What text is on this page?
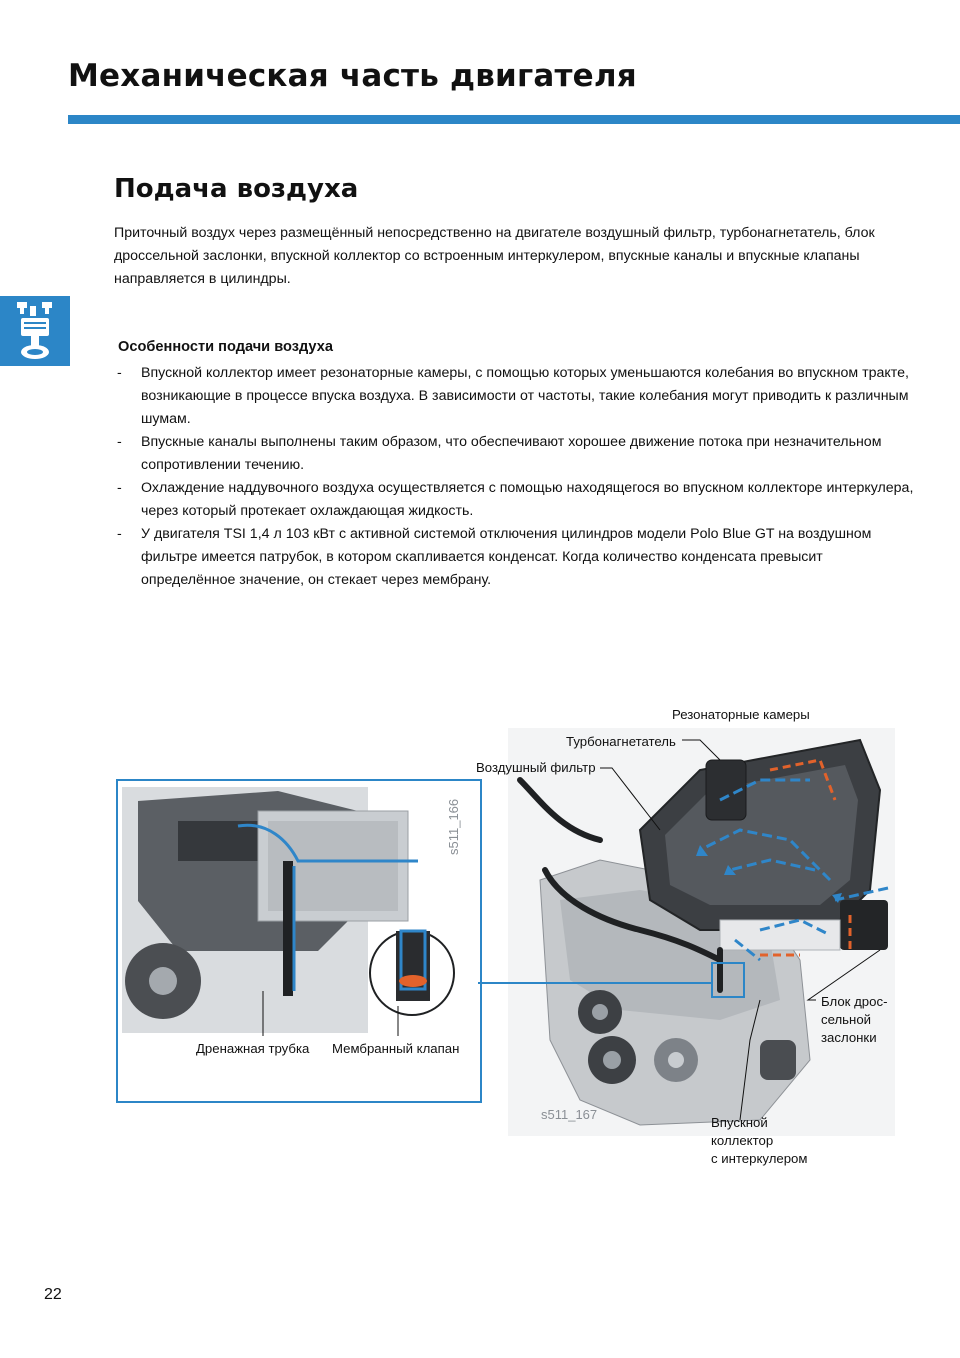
Механическая часть двигателя
Подача воздуха

Приточный воздух через размещённый непосредственно на двигателе воздушный фильтр, турбонагнетатель, блок дроссельной заслонки, впускной коллектор со встроенным интеркулером, впускные каналы и впускные клапаны направляется в цилиндры.

Особенности подачи воздуха
- Впускной коллектор имеет резонаторные камеры, с помощью которых уменьшаются колебания во впускном тракте, возникающие в процессе впуска воздуха. В зависимости от частоты, такие колебания могут приводить к различным шумам.
- Впускные каналы выполнены таким образом, что обеспечивают хорошее движение потока при незначительном сопротивлении течению.
- Охлаждение наддувочного воздуха осуществляется с помощью находящегося во впускном коллекторе интеркулера, через который протекает охлаждающая жидкость.
- У двигателя TSI 1,4 л 103 кВт с активной системой отключения цилиндров модели Polo Blue GT на воздушном фильтре имеется патрубок, в котором скапливается конденсат. Когда количество конденсата превысит определённое значение, он стекает через мембрану.
s511_166
Резонаторные камеры
Турбонагнетатель
Воздушный фильтр
Блок дрос-
сельной
заслонки
Впускной
коллектор
с интеркулером
Дренажная трубка Мембранный клапан
s511_167
22
